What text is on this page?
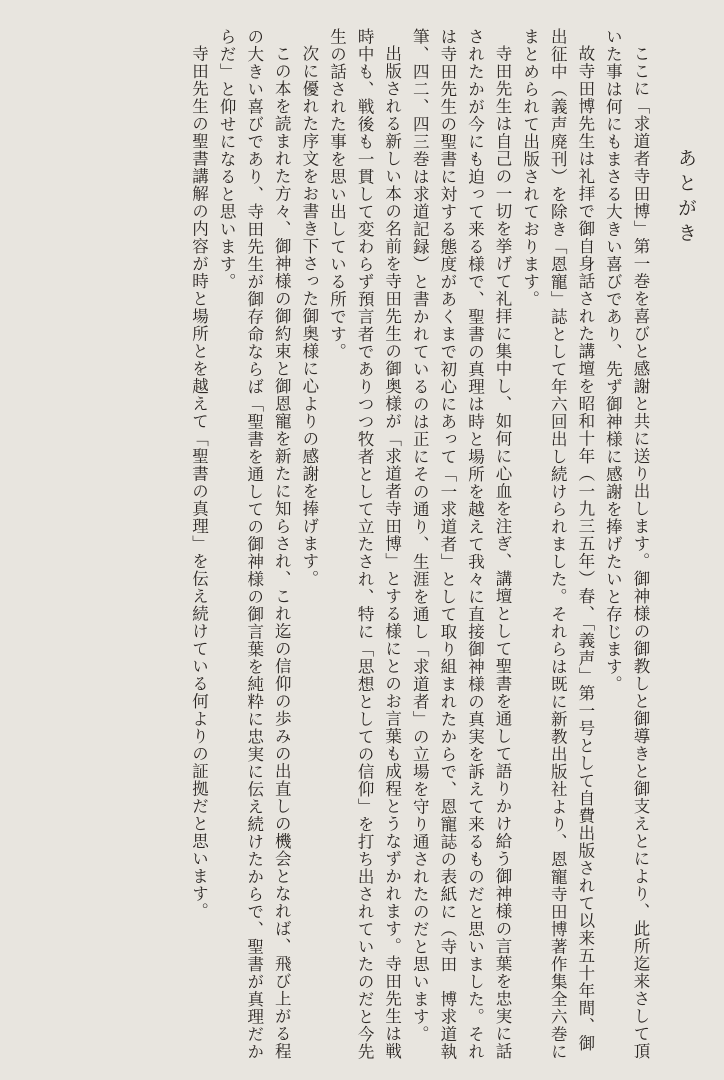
あとがき

ここに「求道者寺田博」第一巻を喜びと感謝と共に送り出します。御神様の御教しと御導きと御支えとにより、此所迄来さして頂いた事は何にもまさる大きい喜びであり、先ず御神様に感謝を捧げたいと存じます。

故寺田博先生は礼拝で御自身話された講壇を昭和十年（一九三五年）春、「義声」第一号として自費出版されて以来五十年間、御出征中（義声廃刊）を除き「恩寵」誌として年六回出し続けられました。それらは既に新教出版社より、恩寵寺田博著作集全六巻にまとめられて出版されております。

寺田先生は自己の一切を挙げて礼拝に集中し、如何に心血を注ぎ、講壇として聖書を通して語りかけ給う御神様の言葉を忠実に話されたかが今にも迫って来る様で、聖書の真理は時と場所を越えて我々に直接御神様の真実を訴えて来るものだと思いました。それは寺田先生の聖書に対する態度があくまで初心にあって「一求道者」として取り組まれたからで、恩寵誌の表紙に（寺田　博求道執筆、四二、四三巻は求道記録）と書かれているのは正にその通り、生涯を通し「求道者」の立場を守り通されたのだと思います。

出版される新しい本の名前を寺田先生の御奥様が「求道者寺田博」とする様にとのお言葉も成程とうなずかれます。寺田先生は戦時中も、戦後も一貫して変わらず預言者でありつつ牧者として立たされ、特に「思想としての信仰」を打ち出されていたのだと今先生の話された事を思い出している所です。

次に優れた序文をお書き下さった御奥様に心よりの感謝を捧げます。

この本を読まれた方々、御神様の御約束と御恩寵を新たに知らされ、これ迄の信仰の歩みの出直しの機会となれば、飛び上がる程の大きい喜びであり、寺田先生が御存命ならば「聖書を通しての御神様の御言葉を純粋に忠実に伝え続けたからで、聖書が真理だからだ」と仰せになると思います。

寺田先生の聖書講解の内容が時と場所とを越えて「聖書の真理」を伝え続けている何よりの証拠だと思います。
